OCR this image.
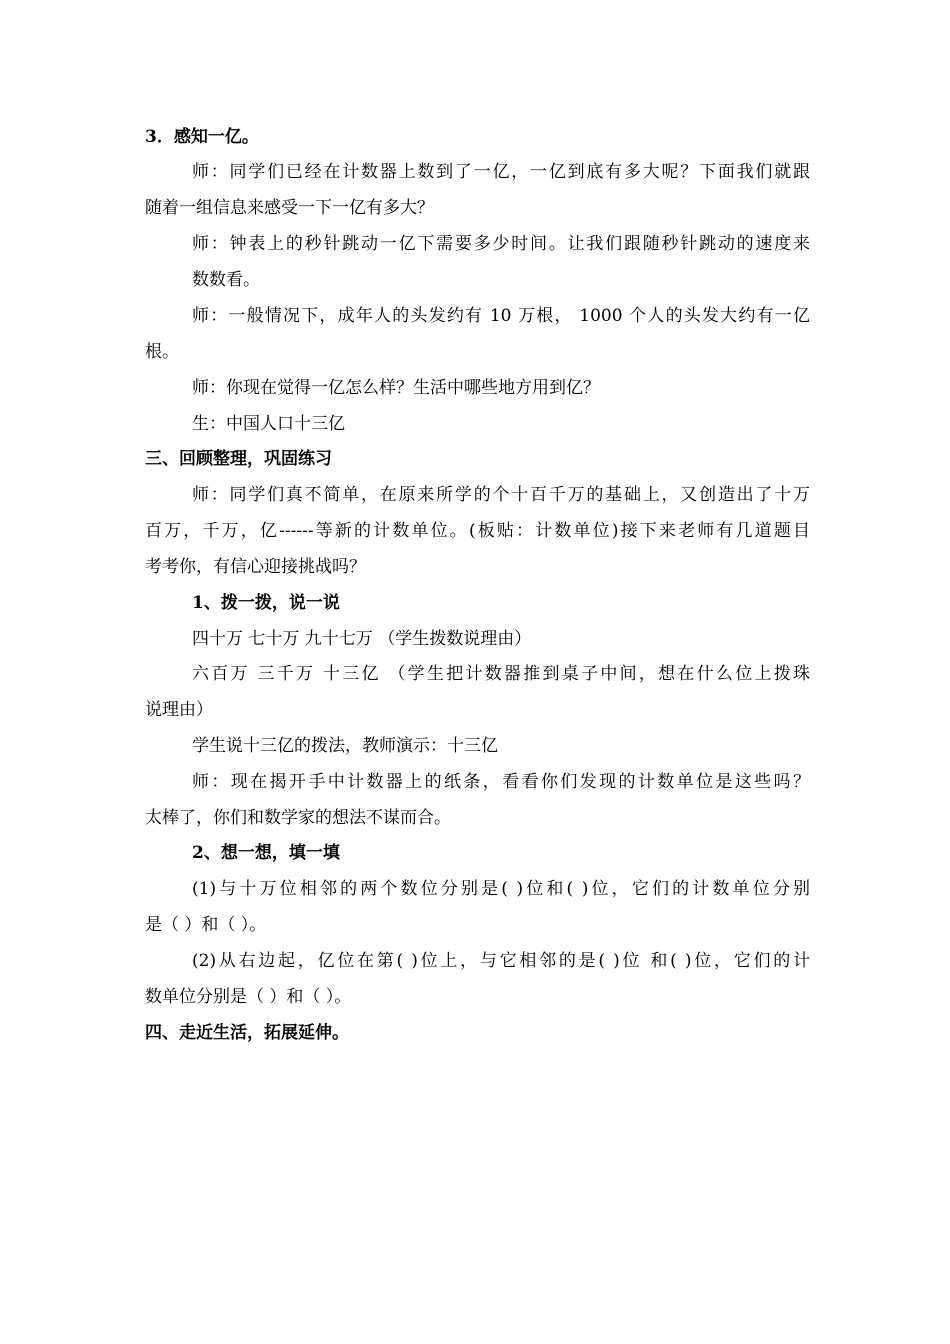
3．感知一亿。
师：同学们已经在计数器上数到了一亿，一亿到底有多大呢？下面我们就跟
随着一组信息来感受一下一亿有多大？
师：钟表上的秒针跳动一亿下需要多少时间。让我们跟随秒针跳动的速度来
数数看。
师：一般情况下，成年人的头发约有 10 万根， 1000 个人的头发大约有一亿
根。
师：你现在觉得一亿怎么样？生活中哪些地方用到亿？
生：中国人口十三亿
三、回顾整理，巩固练习
师：同学们真不简单，在原来所学的个十百千万的基础上，又创造出了十万
百万，千万，亿------等新的计数单位。(板贴：计数单位)接下来老师有几道题目
考考你，有信心迎接挑战吗？
1、拨一拨，说一说
四十万 七十万 九十七万 （学生拨数说理由）
六百万 三千万 十三亿 （学生把计数器推到桌子中间，想在什么位上拨珠
说理由）
学生说十三亿的拨法，教师演示：十三亿
师：现在揭开手中计数器上的纸条，看看你们发现的计数单位是这些吗？
太棒了，你们和数学家的想法不谋而合。
2、想一想，填一填
(1)与十万位相邻的两个数位分别是( )位和( )位，它们的计数单位分别
是（ ）和（ ）。
(2)从右边起，亿位在第( )位上，与它相邻的是( )位 和( )位，它们的计
数单位分别是（ ）和（ ）。
四、走近生活，拓展延伸。
